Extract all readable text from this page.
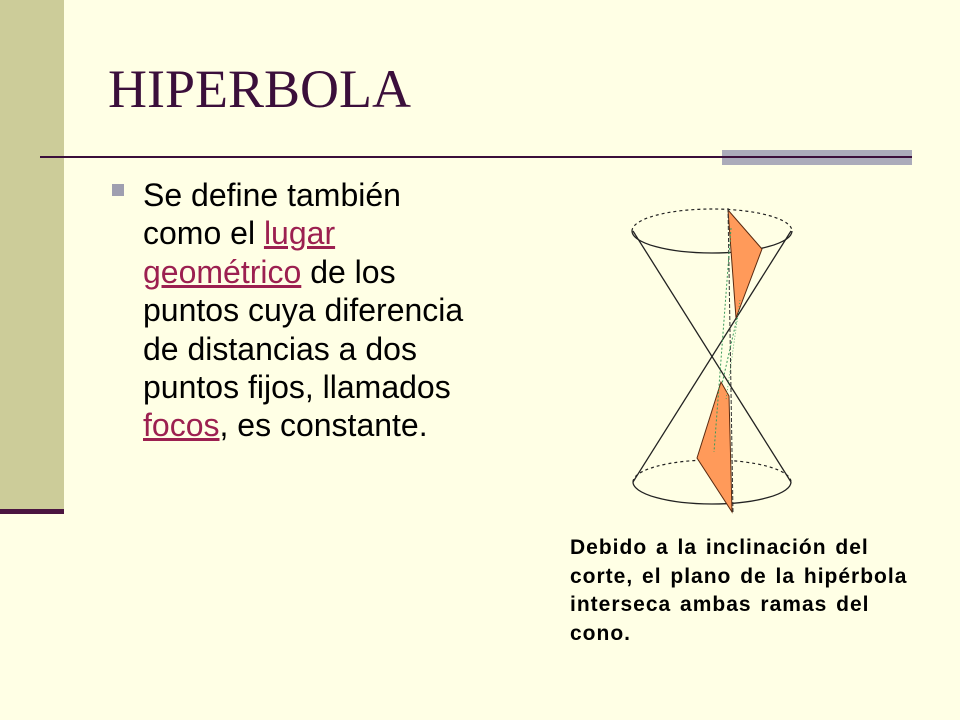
HIPERBOLA

Se define también como el lugar geométrico de los puntos cuya diferencia de distancias a dos puntos fijos, llamados focos, es constante.

Debido a la inclinación del corte, el plano de la hipérbola interseca ambas ramas del cono.
